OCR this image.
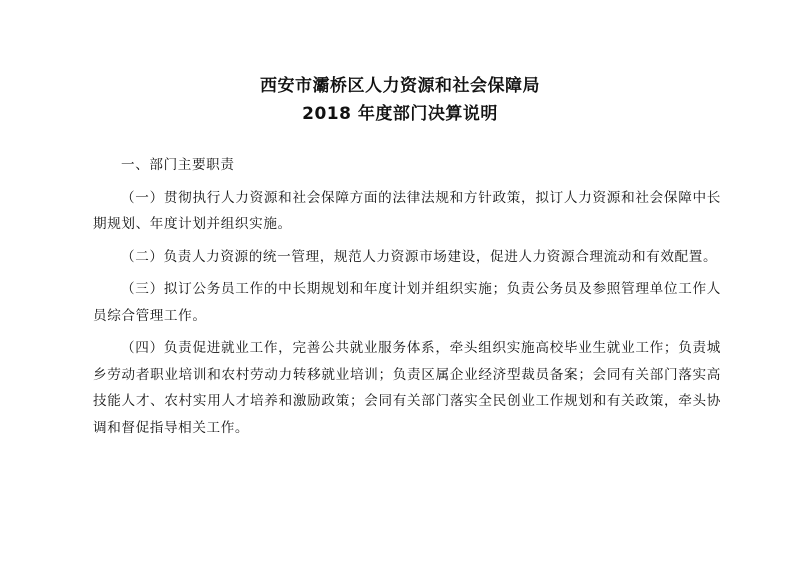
西安市灞桥区人力资源和社会保障局
2018 年度部门决算说明

一、部门主要职责

（一）贯彻执行人力资源和社会保障方面的法律法规和方针政策，拟订人力资源和社会保障中长期规划、年度计划并组织实施。

（二）负责人力资源的统一管理，规范人力资源市场建设，促进人力资源合理流动和有效配置。

（三）拟订公务员工作的中长期规划和年度计划并组织实施；负责公务员及参照管理单位工作人员综合管理工作。

（四）负责促进就业工作，完善公共就业服务体系，牵头组织实施高校毕业生就业工作；负责城乡劳动者职业培训和农村劳动力转移就业培训；负责区属企业经济型裁员备案；会同有关部门落实高技能人才、农村实用人才培养和激励政策；会同有关部门落实全民创业工作规划和有关政策，牵头协调和督促指导相关工作。
